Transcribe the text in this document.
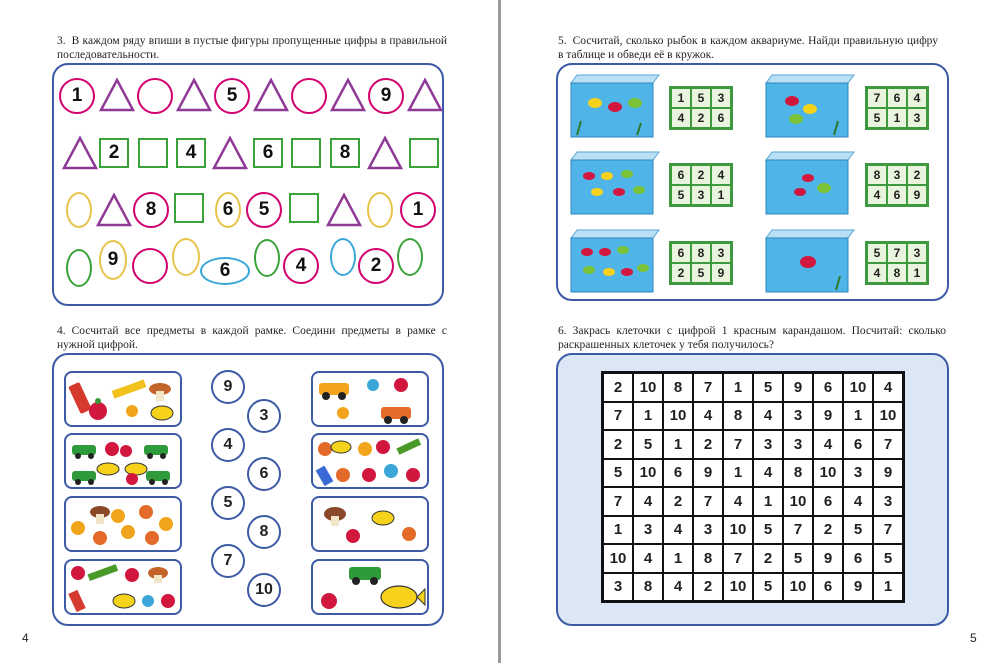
3. В каждом ряду впиши в пустые фигуры пропущенные цифры в правильной последовательности.
1	5	9
2	4	6	8
8	6	5	1
9
6	4	2
4. Сосчитай все предметы в каждой рамке. Соедини предметы в рамке с нужной цифрой.
9
3
4
6
5
8
7
10
4
5. Сосчитай, сколько рыбок в каждом аквариуме. Найди правильную цифру в таблице и обведи её в кружок.
1	5	3
4	2	6
7	6	4
5	1	3
6	2	4
5	3	1
8	3	2
4	6	9
6	8	3
2	5	9
5	7	3
4	8	1
6. Закрась клеточки с цифрой 1 красным карандашом. Посчитай: сколько раскрашенных клеточек у тебя получилось?
2	10	8	7	1	5	9	6	10	4
7	1	10	4	8	4	3	9	1	10
2	5	1	2	7	3	3	4	6	7
5	10	6	9	1	4	8	10	3	9
7	4	2	7	4	1	10	6	4	3
1	3	4	3	10	5	7	2	5	7
10	4	1	8	7	2	5	9	6	5
3	8	4	2	10	5	10	6	9	1
5
